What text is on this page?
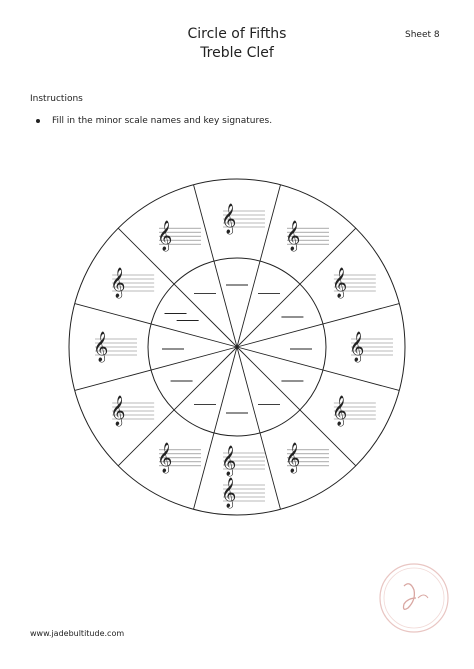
Circle of Fifths
Treble Clef
Sheet 8
Instructions
Fill in the minor scale names and key signatures.
𝄞
𝄞
𝄞
𝄞
𝄞
𝄞
𝄞
𝄞
𝄞
𝄞
𝄞
𝄞
𝄞
www.jadebultitude.com
